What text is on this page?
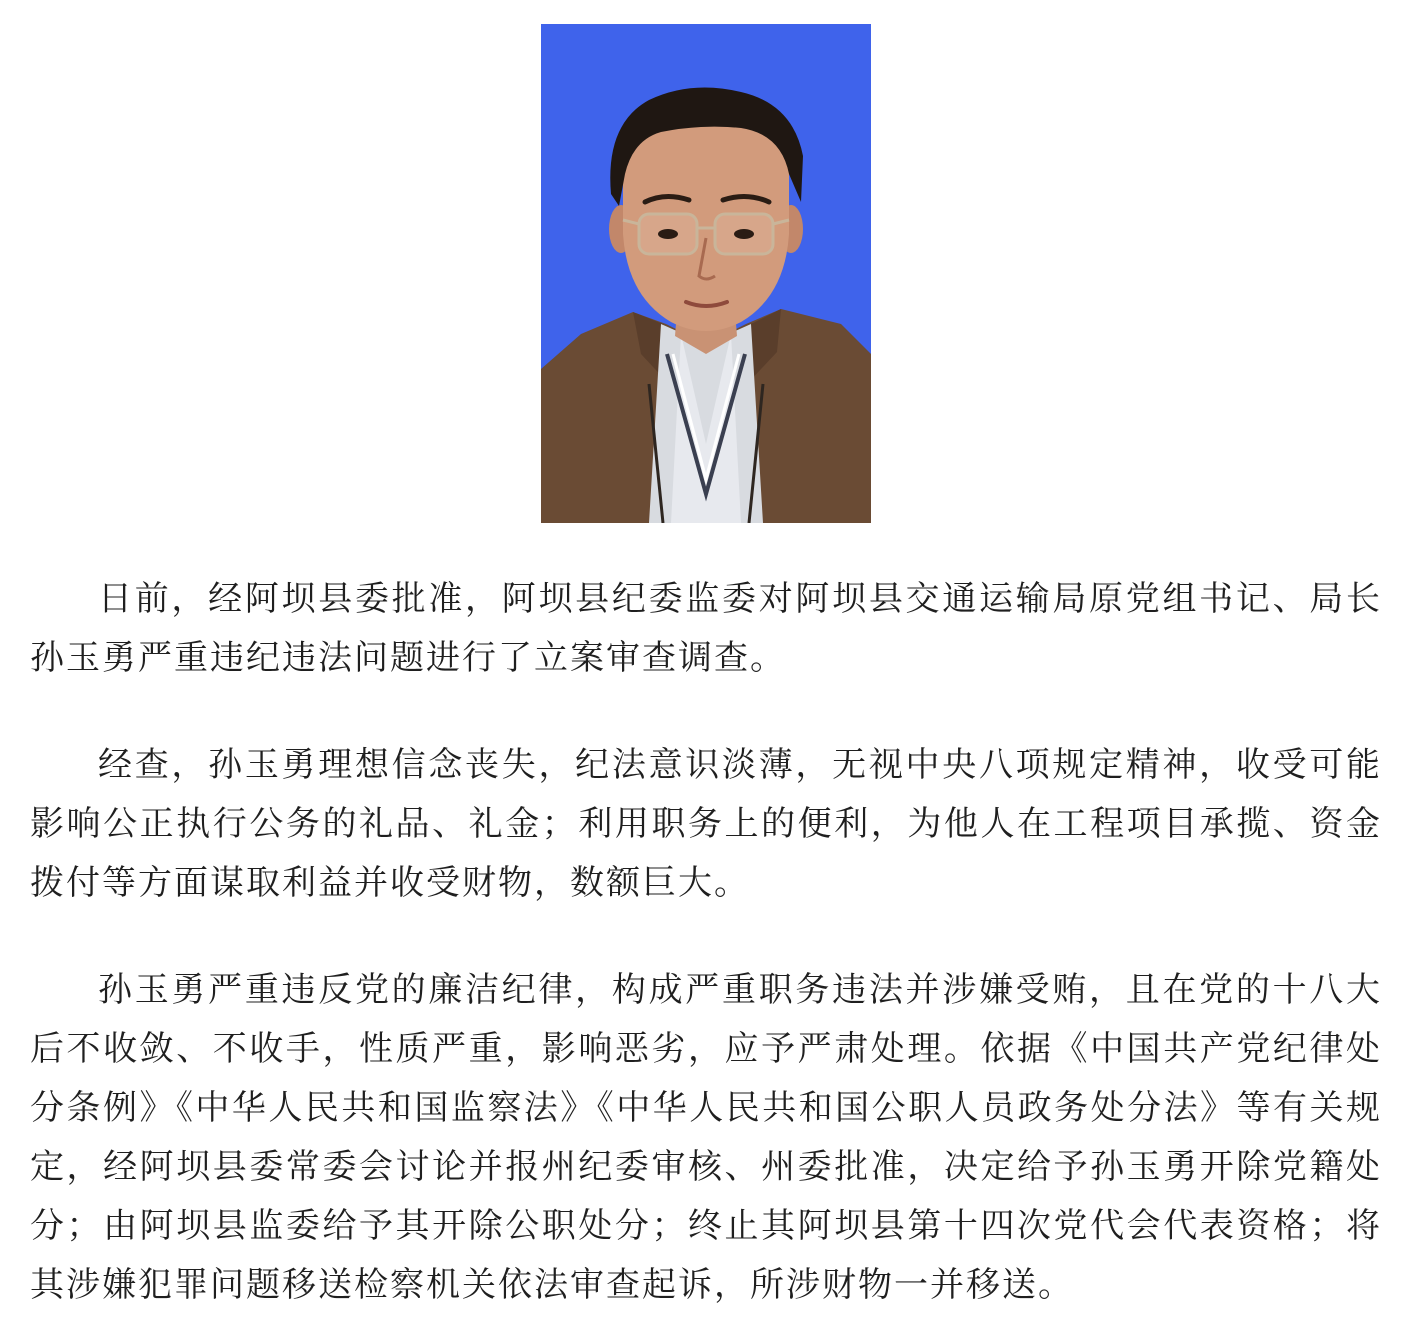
日前，经阿坝县委批准，阿坝县纪委监委对阿坝县交通运输局原党组书记、局长孙玉勇严重违纪违法问题进行了立案审查调查。

经查，孙玉勇理想信念丧失，纪法意识淡薄，无视中央八项规定精神，收受可能影响公正执行公务的礼品、礼金；利用职务上的便利，为他人在工程项目承揽、资金拨付等方面谋取利益并收受财物，数额巨大。

孙玉勇严重违反党的廉洁纪律，构成严重职务违法并涉嫌受贿，且在党的十八大后不收敛、不收手，性质严重，影响恶劣，应予严肃处理。依据《中国共产党纪律处分条例》《中华人民共和国监察法》《中华人民共和国公职人员政务处分法》等有关规定，经阿坝县委常委会讨论并报州纪委审核、州委批准，决定给予孙玉勇开除党籍处分；由阿坝县监委给予其开除公职处分；终止其阿坝县第十四次党代会代表资格；将其涉嫌犯罪问题移送检察机关依法审查起诉，所涉财物一并移送。
